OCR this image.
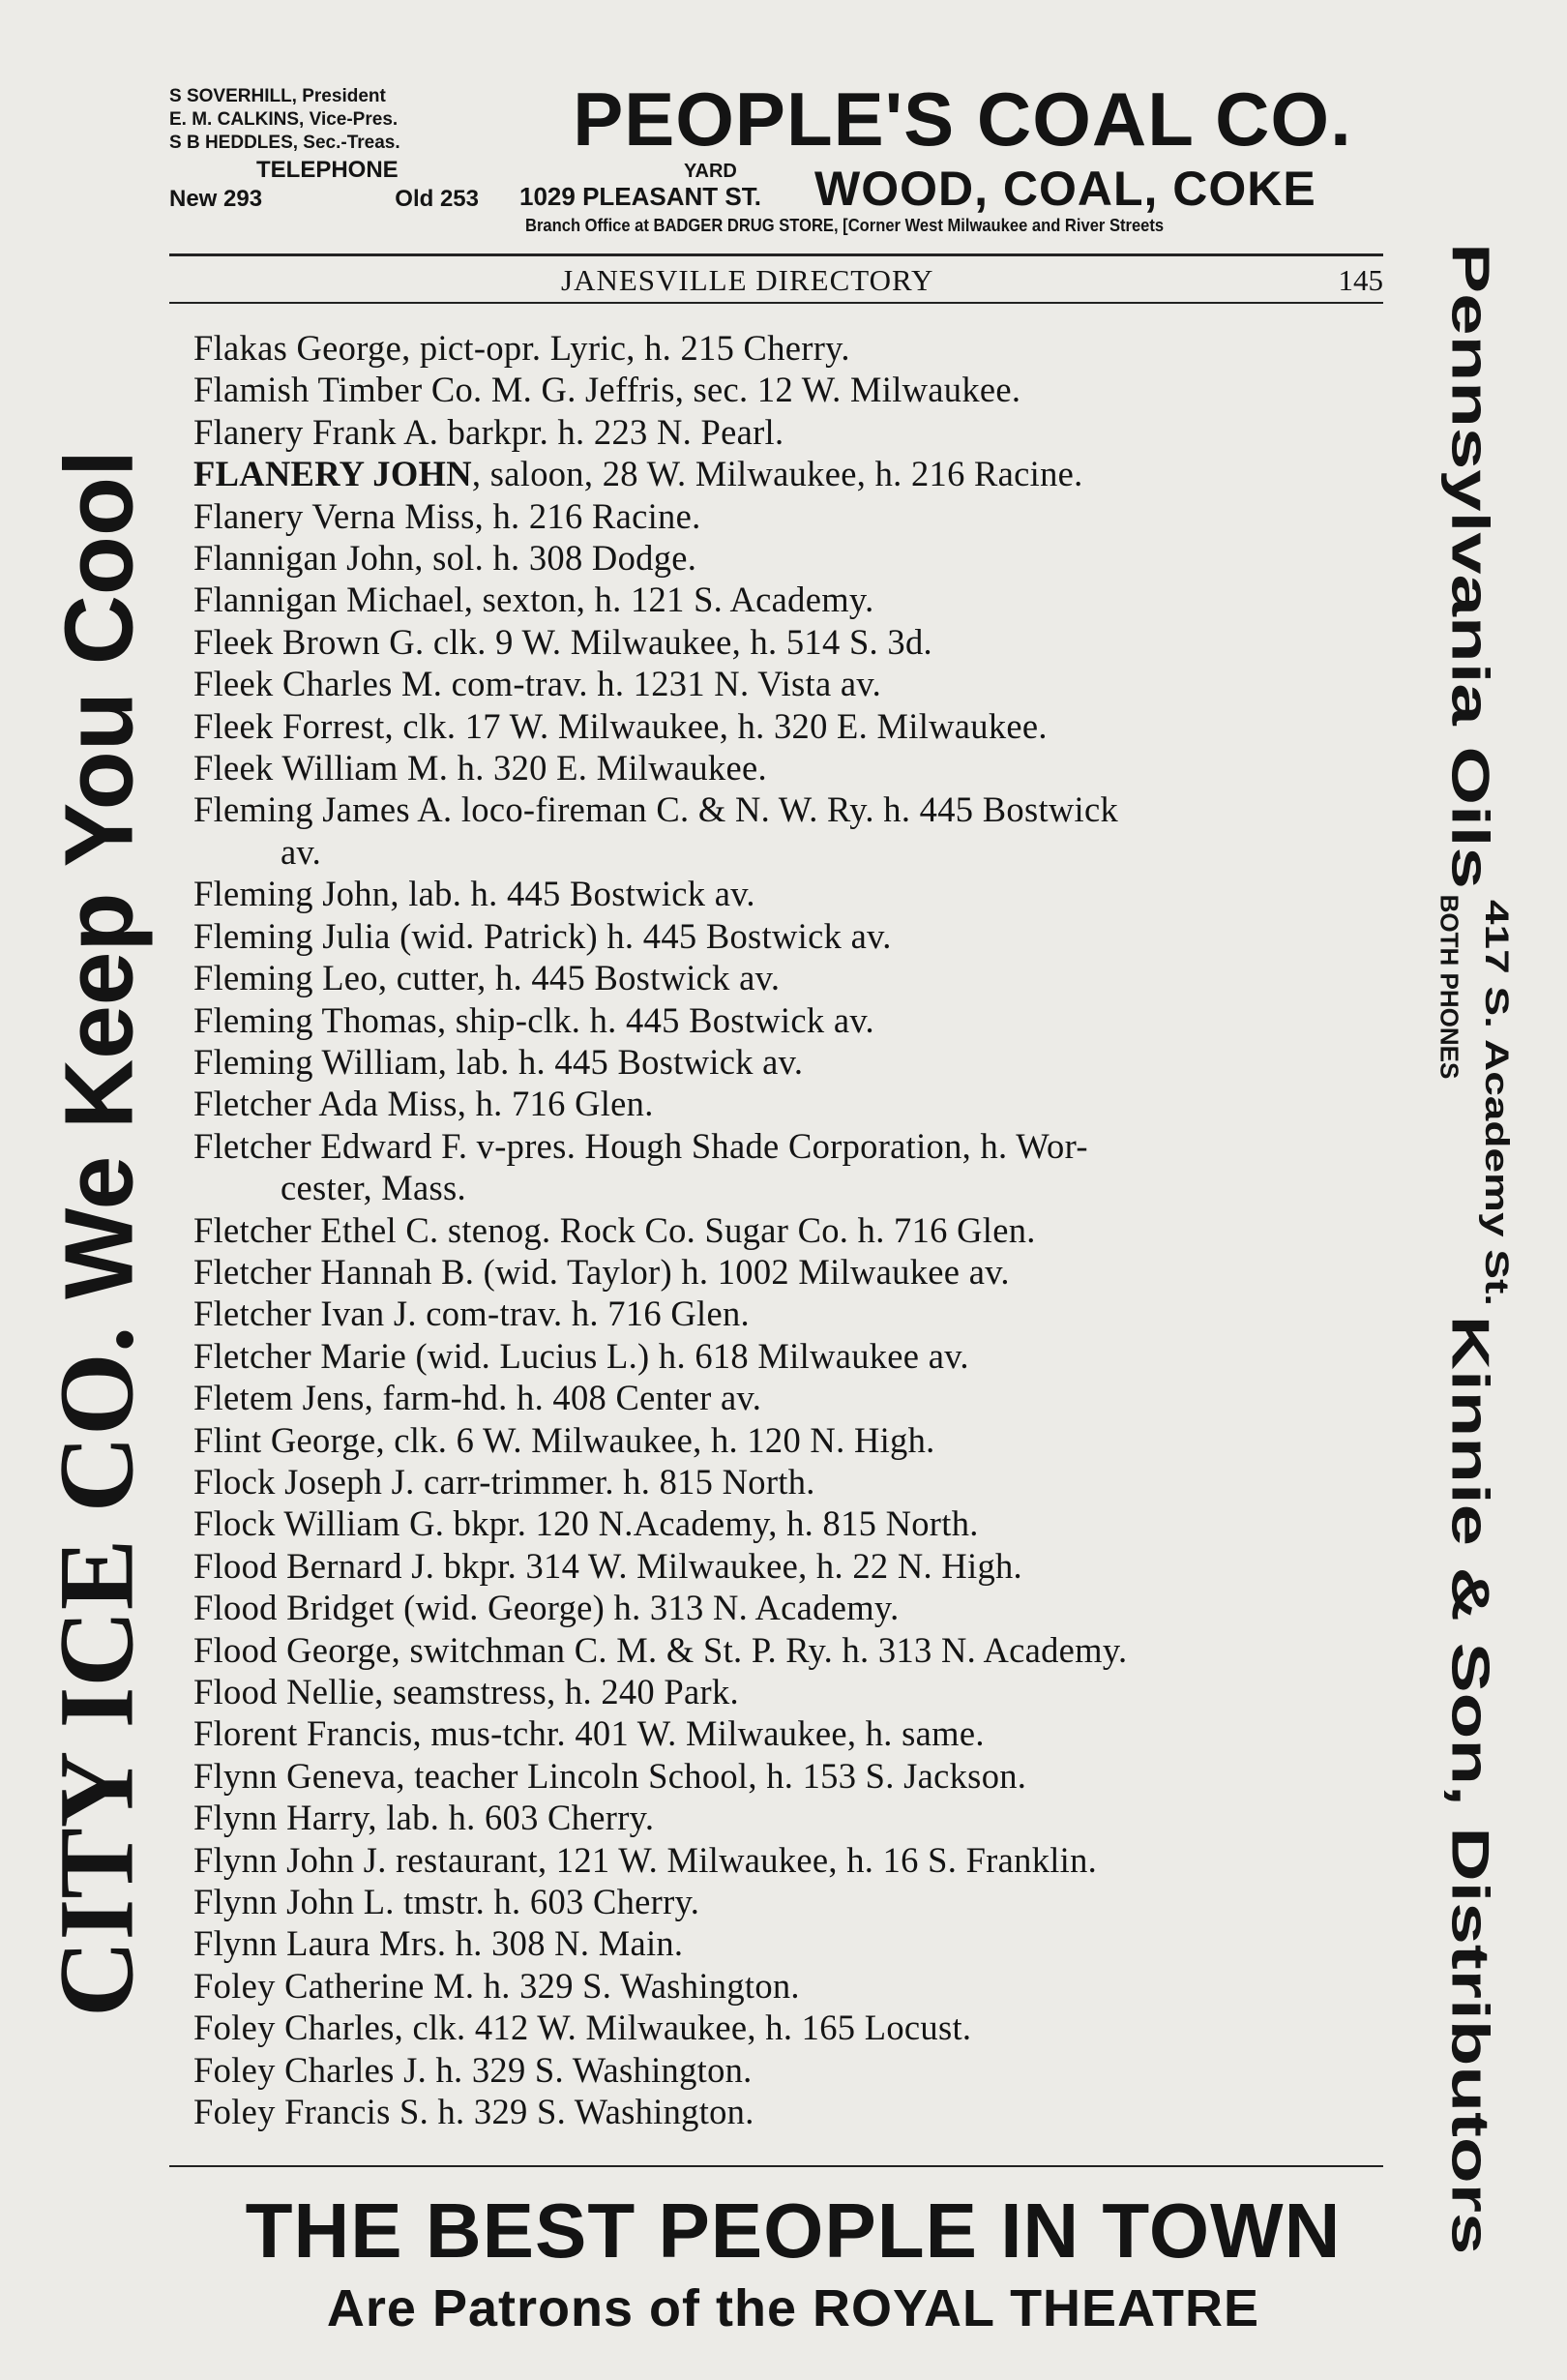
S SOVERHILL, President
E. M. CALKINS, Vice-Pres.
S B HEDDLES, Sec.-Treas.
TELEPHONE
New 293	Old 253
PEOPLE'S COAL CO.
YARD
1029 PLEASANT ST. WOOD, COAL, COKE
Branch Office at BADGER DRUG STORE, [Corner West Milwaukee and River Streets
JANESVILLE DIRECTORY	145
CITY ICE CO. We Keep You Cool
Flakas George, pict-opr. Lyric, h. 215 Cherry.
Flamish Timber Co. M. G. Jeffris, sec. 12 W. Milwaukee.
Flanery Frank A. barkpr. h. 223 N. Pearl.
FLANERY JOHN, saloon, 28 W. Milwaukee, h. 216 Racine.
Flanery Verna Miss, h. 216 Racine.
Flannigan John, sol. h. 308 Dodge.
Flannigan Michael, sexton, h. 121 S. Academy.
Fleek Brown G. clk. 9 W. Milwaukee, h. 514 S. 3d.
Fleek Charles M. com-trav. h. 1231 N. Vista av.
Fleek Forrest, clk. 17 W. Milwaukee, h. 320 E. Milwaukee.
Fleek William M. h. 320 E. Milwaukee.
Fleming James A. loco-fireman C. & N. W. Ry. h. 445 Bostwick
av.
Fleming John, lab. h. 445 Bostwick av.
Fleming Julia (wid. Patrick) h. 445 Bostwick av.
Fleming Leo, cutter, h. 445 Bostwick av.
Fleming Thomas, ship-clk. h. 445 Bostwick av.
Fleming William, lab. h. 445 Bostwick av.
Fletcher Ada Miss, h. 716 Glen.
Fletcher Edward F. v-pres. Hough Shade Corporation, h. Wor-
cester, Mass.
Fletcher Ethel C. stenog. Rock Co. Sugar Co. h. 716 Glen.
Fletcher Hannah B. (wid. Taylor) h. 1002 Milwaukee av.
Fletcher Ivan J. com-trav. h. 716 Glen.
Fletcher Marie (wid. Lucius L.) h. 618 Milwaukee av.
Fletem Jens, farm-hd. h. 408 Center av.
Flint George, clk. 6 W. Milwaukee, h. 120 N. High.
Flock Joseph J. carr-trimmer. h. 815 North.
Flock William G. bkpr. 120 N.Academy, h. 815 North.
Flood Bernard J. bkpr. 314 W. Milwaukee, h. 22 N. High.
Flood Bridget (wid. George) h. 313 N. Academy.
Flood George, switchman C. M. & St. P. Ry. h. 313 N. Academy.
Flood Nellie, seamstress, h. 240 Park.
Florent Francis, mus-tchr. 401 W. Milwaukee, h. same.
Flynn Geneva, teacher Lincoln School, h. 153 S. Jackson.
Flynn Harry, lab. h. 603 Cherry.
Flynn John J. restaurant, 121 W. Milwaukee, h. 16 S. Franklin.
Flynn John L. tmstr. h. 603 Cherry.
Flynn Laura Mrs. h. 308 N. Main.
Foley Catherine M. h. 329 S. Washington.
Foley Charles, clk. 412 W. Milwaukee, h. 165 Locust.
Foley Charles J. h. 329 S. Washington.
Foley Francis S. h. 329 S. Washington.
Pennsylvania Oils
BOTH PHONES 417 S. Academy St.
Kinnie & Son, Distributors
THE BEST PEOPLE IN TOWN
Are Patrons of the ROYAL THEATRE
